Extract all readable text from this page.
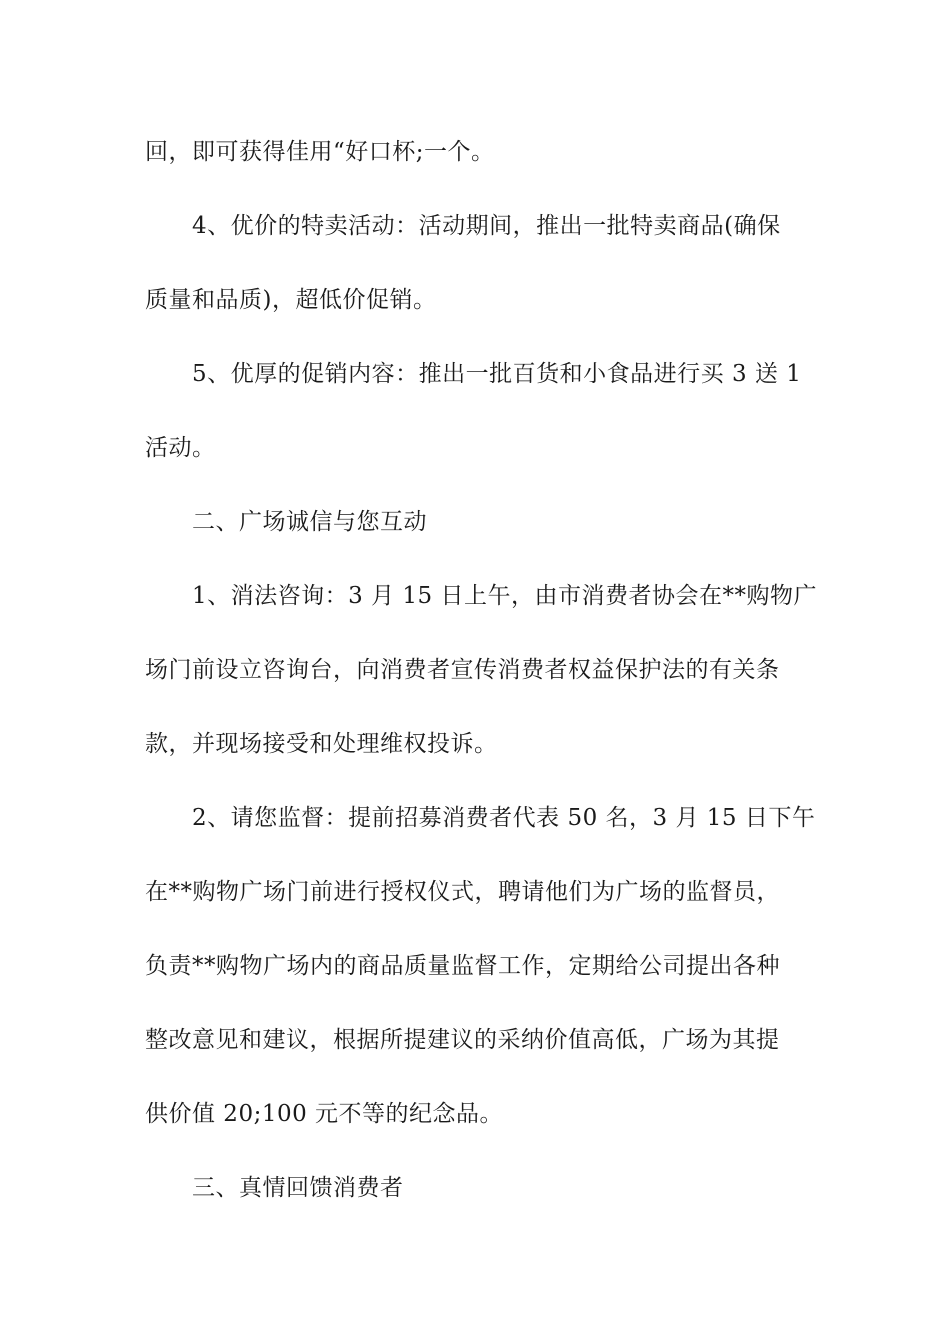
回，即可获得佳用“好口杯;一个。
4、优价的特卖活动：活动期间，推出一批特卖商品(确保
质量和品质)，超低价促销。
5、优厚的促销内容：推出一批百货和小食品进行买 3 送 1
活动。
二、广场诚信与您互动
1、消法咨询：3 月 15 日上午，由市消费者协会在**购物广
场门前设立咨询台，向消费者宣传消费者权益保护法的有关条
款，并现场接受和处理维权投诉。
2、请您监督：提前招募消费者代表 50 名，3 月 15 日下午
在**购物广场门前进行授权仪式，聘请他们为广场的监督员，
负责**购物广场内的商品质量监督工作，定期给公司提出各种
整改意见和建议，根据所提建议的采纳价值高低，广场为其提
供价值 20;100 元不等的纪念品。
三、真情回馈消费者
